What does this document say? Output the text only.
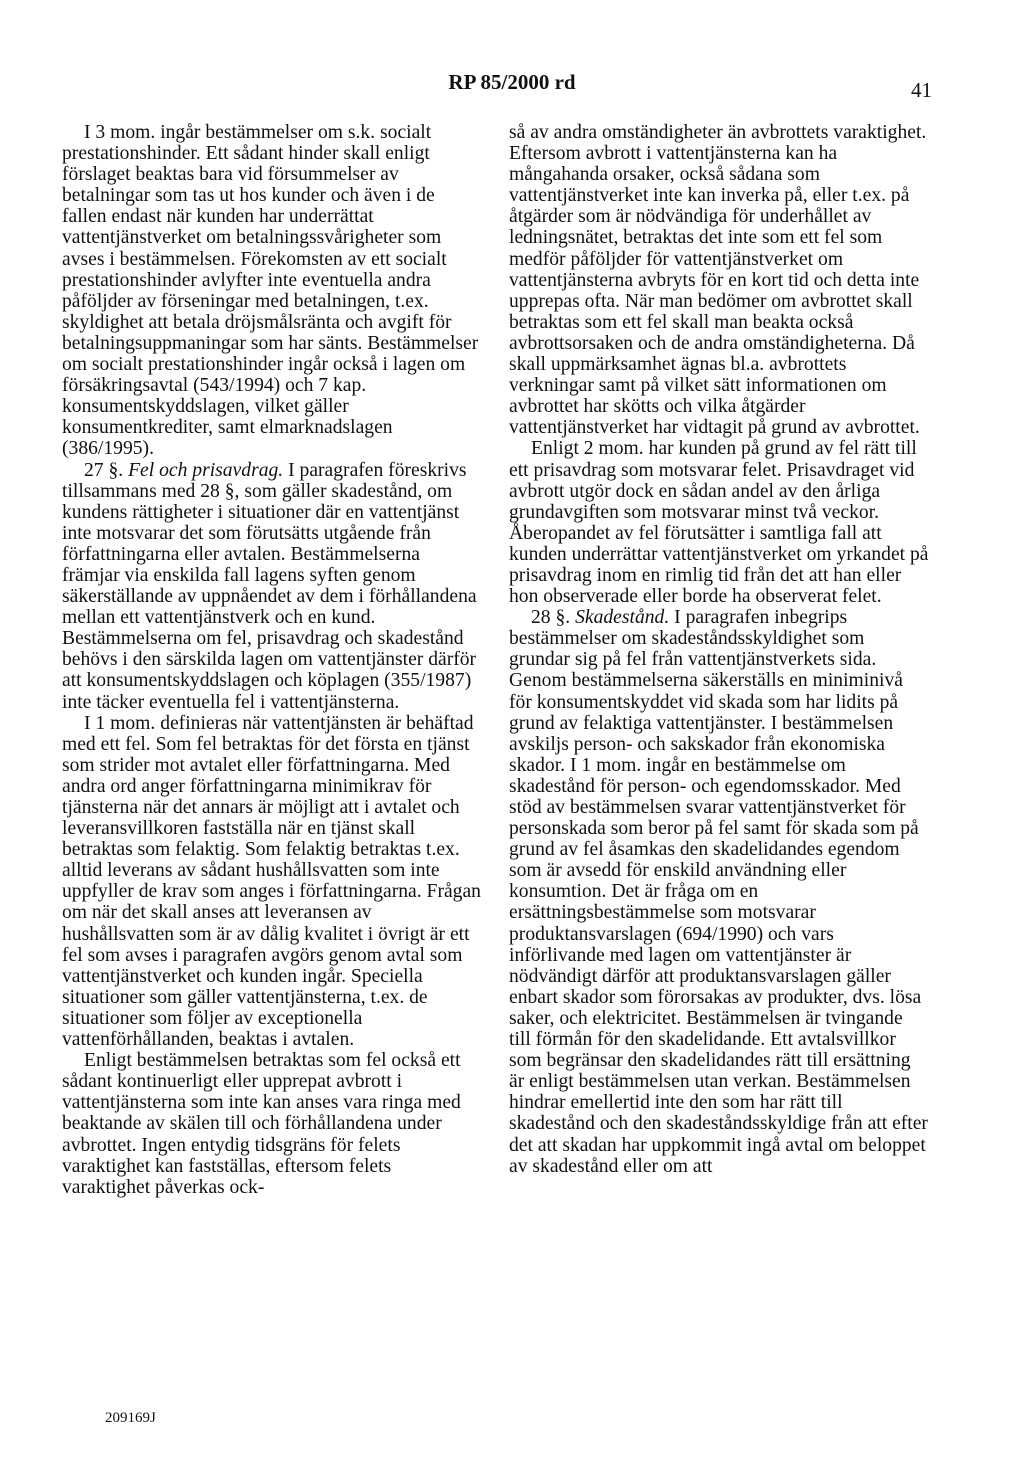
RP 85/2000 rd	41

I 3 mom. ingår bestämmelser om s.k. socialt prestationshinder. Ett sådant hinder skall enligt förslaget beaktas bara vid försummelser av betalningar som tas ut hos kunder och även i de fallen endast när kunden har underrättat vattentjänstverket om betalningssvårigheter som avses i bestämmelsen. Förekomsten av ett socialt prestationshinder avlyfter inte eventuella andra påföljder av förseningar med betalningen, t.ex. skyldighet att betala dröjsmålsränta och avgift för betalningsuppmaningar som har sänts. Bestämmelser om socialt prestationshinder ingår också i lagen om försäkringsavtal (543/1994) och 7 kap. konsumentskyddslagen, vilket gäller konsumentkrediter, samt elmarknadslagen (386/1995).

27 §. Fel och prisavdrag. I paragrafen föreskrivs tillsammans med 28 §, som gäller skadestånd, om kundens rättigheter i situationer där en vattentjänst inte motsvarar det som förutsätts utgående från författningarna eller avtalen. Bestämmelserna främjar via enskilda fall lagens syften genom säkerställande av uppnåendet av dem i förhållandena mellan ett vattentjänstverk och en kund. Bestämmelserna om fel, prisavdrag och skadestånd behövs i den särskilda lagen om vattentjänster därför att konsumentskyddslagen och köplagen (355/1987) inte täcker eventuella fel i vattentjänsterna.

I 1 mom. definieras när vattentjänsten är behäftad med ett fel. Som fel betraktas för det första en tjänst som strider mot avtalet eller författningarna. Med andra ord anger författningarna minimikrav för tjänsterna när det annars är möjligt att i avtalet och leveransvillkoren fastställa när en tjänst skall betraktas som felaktig. Som felaktig betraktas t.ex. alltid leverans av sådant hushållsvatten som inte uppfyller de krav som anges i författningarna. Frågan om när det skall anses att leveransen av hushållsvatten som är av dålig kvalitet i övrigt är ett fel som avses i paragrafen avgörs genom avtal som vattentjänstverket och kunden ingår. Speciella situationer som gäller vattentjänsterna, t.ex. de situationer som följer av exceptionella vattenförhållanden, beaktas i avtalen.

Enligt bestämmelsen betraktas som fel också ett sådant kontinuerligt eller upprepat avbrott i vattentjänsterna som inte kan anses vara ringa med beaktande av skälen till och förhållandena under avbrottet. Ingen entydig tidsgräns för felets varaktighet kan fastställas, eftersom felets varaktighet påverkas ock-

så av andra omständigheter än avbrottets varaktighet. Eftersom avbrott i vattentjänsterna kan ha mångahanda orsaker, också sådana som vattentjänstverket inte kan inverka på, eller t.ex. på åtgärder som är nödvändiga för underhållet av ledningsnätet, betraktas det inte som ett fel som medför påföljder för vattentjänstverket om vattentjänsterna avbryts för en kort tid och detta inte upprepas ofta. När man bedömer om avbrottet skall betraktas som ett fel skall man beakta också avbrottsorsaken och de andra omständigheterna. Då skall uppmärksamhet ägnas bl.a. avbrottets verkningar samt på vilket sätt informationen om avbrottet har skötts och vilka åtgärder vattentjänstverket har vidtagit på grund av avbrottet.

Enligt 2 mom. har kunden på grund av fel rätt till ett prisavdrag som motsvarar felet. Prisavdraget vid avbrott utgör dock en sådan andel av den årliga grundavgiften som motsvarar minst två veckor. Åberopandet av fel förutsätter i samtliga fall att kunden underrättar vattentjänstverket om yrkandet på prisavdrag inom en rimlig tid från det att han eller hon observerade eller borde ha observerat felet.

28 §. Skadestånd. I paragrafen inbegrips bestämmelser om skadeståndsskyldighet som grundar sig på fel från vattentjänstverkets sida. Genom bestämmelserna säkerställs en miniminivå för konsumentskyddet vid skada som har lidits på grund av felaktiga vattentjänster. I bestämmelsen avskiljs person- och sakskador från ekonomiska skador. I 1 mom. ingår en bestämmelse om skadestånd för person- och egendomsskador. Med stöd av bestämmelsen svarar vattentjänstverket för personskada som beror på fel samt för skada som på grund av fel åsamkas den skadelidandes egendom som är avsedd för enskild användning eller konsumtion. Det är fråga om en ersättningsbestämmelse som motsvarar produktansvarslagen (694/1990) och vars införlivande med lagen om vattentjänster är nödvändigt därför att produktansvarslagen gäller enbart skador som förorsakas av produkter, dvs. lösa saker, och elektricitet. Bestämmelsen är tvingande till förmån för den skadelidande. Ett avtalsvillkor som begränsar den skadelidandes rätt till ersättning är enligt bestämmelsen utan verkan. Bestämmelsen hindrar emellertid inte den som har rätt till skadestånd och den skadeståndsskyldige från att efter det att skadan har uppkommit ingå avtal om beloppet av skadestånd eller om att

209169J
